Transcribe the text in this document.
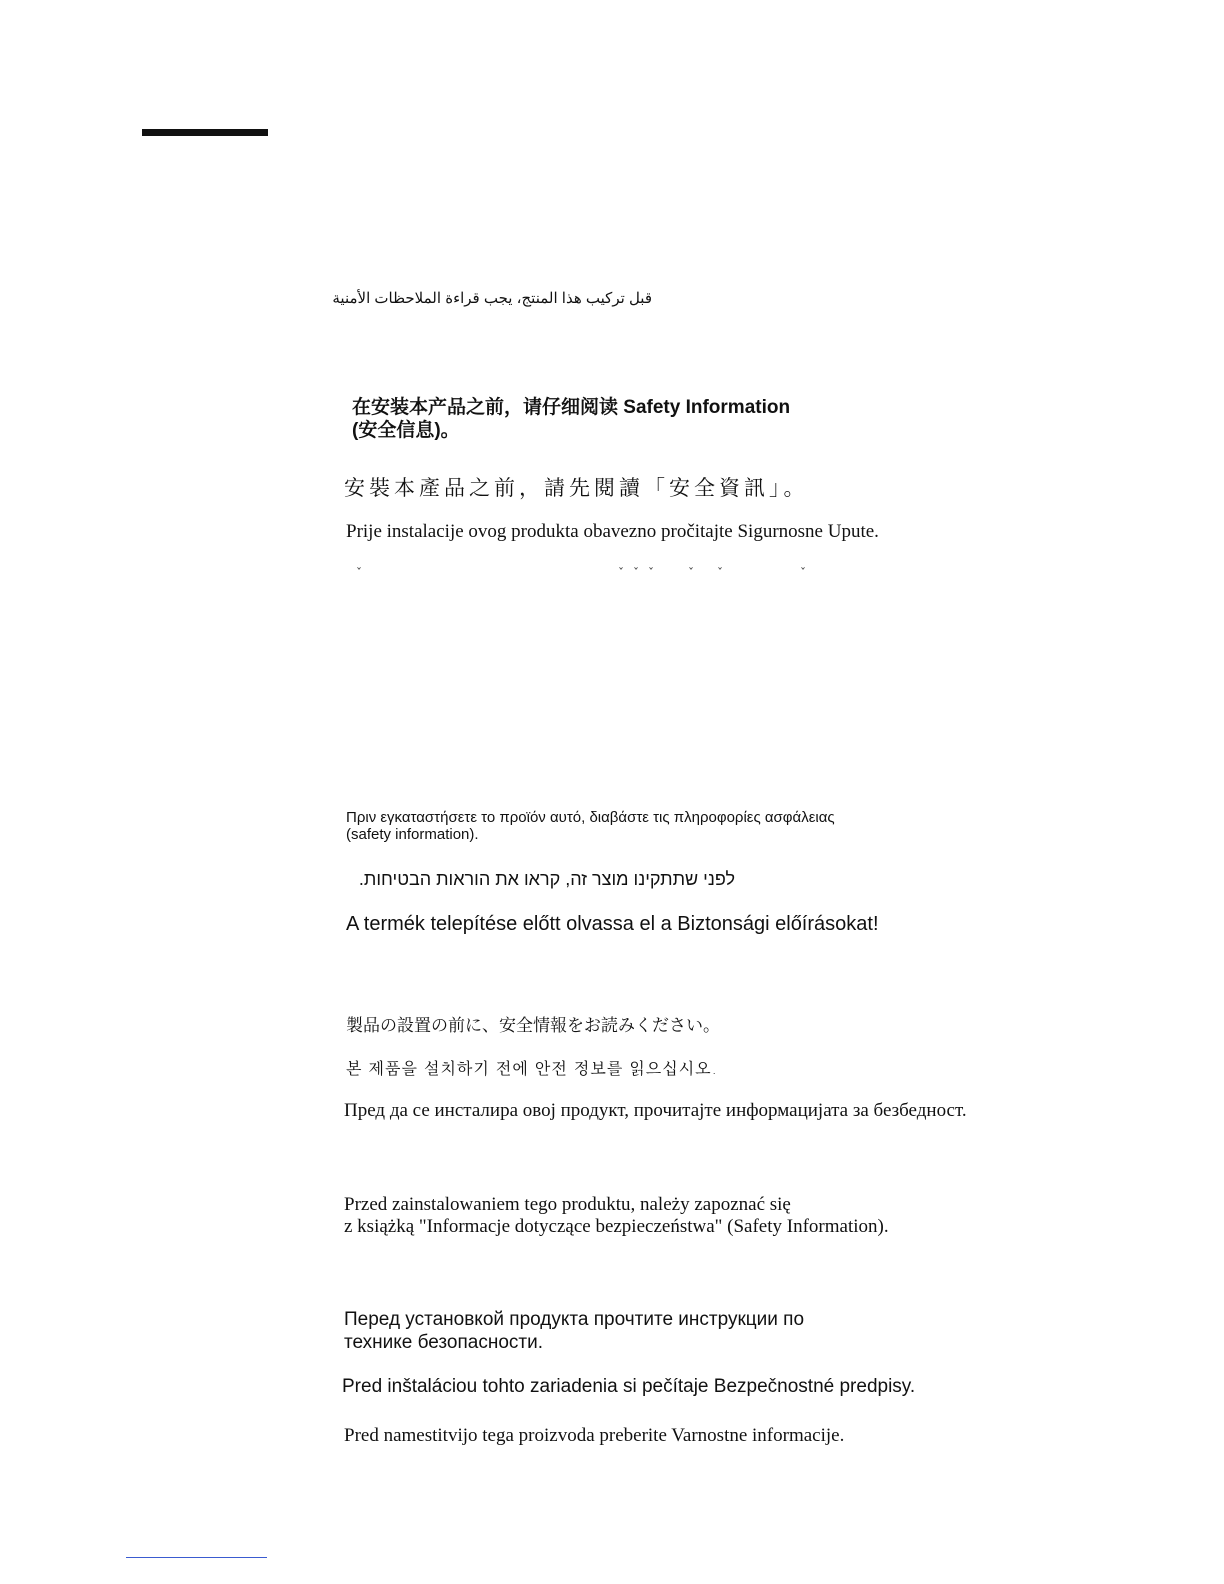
قبل تركيب هذا المنتج، يجب قراءة الملاحظات الأمنية
在安装本产品之前，请仔细阅读 Safety Information
(安全信息)。
安裝本產品之前，請先閱讀「安全資訊」。
Prije instalacije ovog produkta obavezno pročitajte Sigurnosne Upute.
ˇ	ˇ ˇ ˇ	ˇ ˇ	ˇ
Πριν εγκαταστήσετε το προϊόν αυτό, διαβάστε τις πληροφορίες ασφάλειας
(safety information).
לפני שתתקינו מוצר זה, קראו את הוראות הבטיחות.
A termék telepítése előtt olvassa el a Biztonsági előírásokat!
製品の設置の前に、安全情報をお読みください。
본 제품을 설치하기 전에 안전 정보를 읽으십시오.
Пред да се инсталира овој продукт, прочитајте информацијата за безбедност.
Przed zainstalowaniem tego produktu, należy zapoznać się
z książką "Informacje dotyczące bezpieczeństwa" (Safety Information).
Перед установкой продукта прочтите инструкции по
технике безопасности.
Pred inštaláciou tohto zariadenia si pečítaje Bezpečnostné predpisy.
Pred namestitvijo tega proizvoda preberite Varnostne informacije.
